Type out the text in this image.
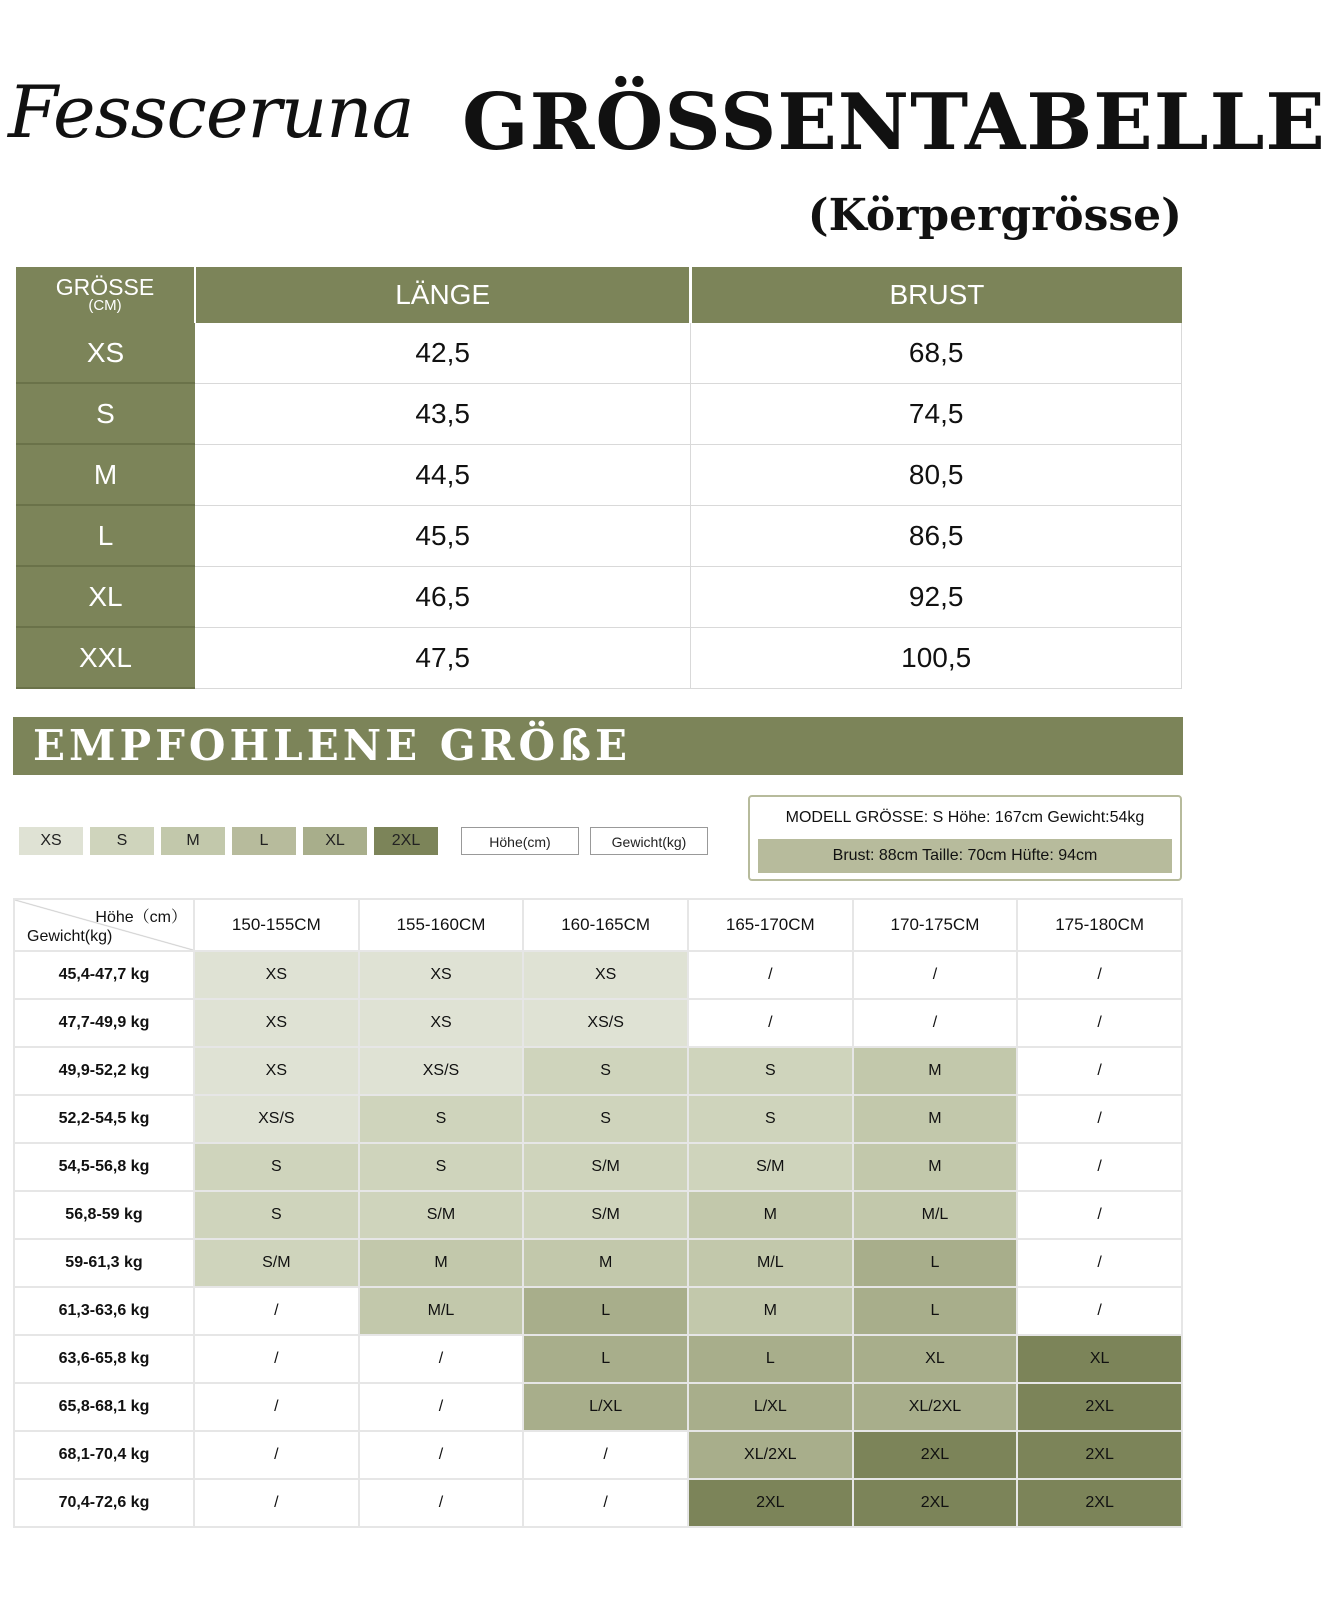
Fessceruna GRÖSSENTABELLE
(Körpergrösse)
GRÖSSE
(CM)	LÄNGE	BRUST
XS	42,5	68,5
S	43,5	74,5
M	44,5	80,5
L	45,5	86,5
XL	46,5	92,5
XXL	47,5	100,5
EMPFOHLENE GRÖßE
XS	S	M	L	XL	2XL	Höhe(cm)	Gewicht(kg)
MODELL GRÖSSE: S Höhe: 167cm Gewicht:54kg
Brust: 88cm Taille: 70cm Hüfte: 94cm
Höhe（cm）
Gewicht(kg)	150-155CM	155-160CM	160-165CM	165-170CM	170-175CM	175-180CM
45,4-47,7 kg	XS	XS	XS	/	/	/
47,7-49,9 kg	XS	XS	XS/S	/	/	/
49,9-52,2 kg	XS	XS/S	S	S	M	/
52,2-54,5 kg	XS/S	S	S	S	M	/
54,5-56,8 kg	S	S	S/M	S/M	M	/
56,8-59 kg	S	S/M	S/M	M	M/L	/
59-61,3 kg	S/M	M	M	M/L	L	/
61,3-63,6 kg	/	M/L	L	M	L	/
63,6-65,8 kg	/	/	L	L	XL	XL
65,8-68,1 kg	/	/	L/XL	L/XL	XL/2XL	2XL
68,1-70,4 kg	/	/	/	XL/2XL	2XL	2XL
70,4-72,6 kg	/	/	/	2XL	2XL	2XL
